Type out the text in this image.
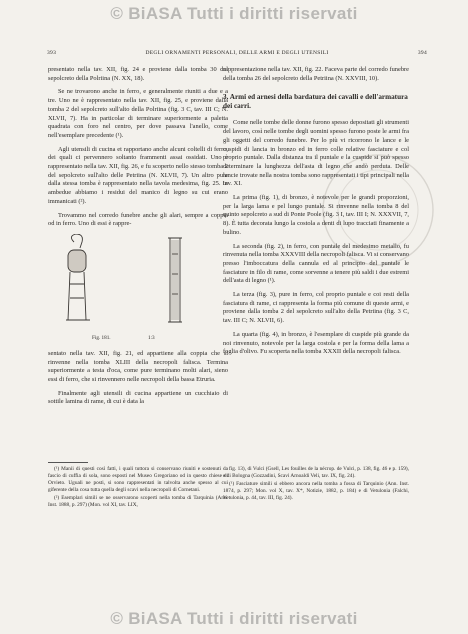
© BiASA Tutti i diritti riservati
393	DEGLI ORNAMENTI PERSONALI, DELLE ARMI E DEGLI UTENSILI	394

presentato nella tav. XII, fig. 24 e proviene dalla tomba 30 del sepolcreto della Polriina (N. XX, 18).

Se ne trovarono anche in ferro, e generalmente riuniti a due e a tre. Uno ne è rappresentato nella tav. XII, fig. 25, e proviene dalla tomba 2 del sepolcreto sull'alto della Polriina (fig. 3 C, tav. III C; N. XLVII, 7). Ha in particolar di terminare superiormente a paletta quadrata con foro nel centro, per dove passava l'anello, come nell'esemplare precedente (¹).

Agli utensili di cucina et rapportano anche alcuni coltelli di ferro, dei quali ci pervennero soltanto frammenti assai ossidati. Uno è rappresentato nella tav. XII, fig. 26, e fu scoperto nello stesso tomba 2 del sepolcreto sull'alto delle Petriina (N. XLVII, 7). Un altro pure dalla stessa tomba è rappresentato nella tavola medesima, fig. 25. In ambedue abbiamo i residui del manico di legno su cui erano immanicati (²).

Trovammo nel corredo funebre anche gli alari, sempre a coppia od in ferro. Uno di essi è rappre-

Fig. 181.	1:3

sentato nella tav. XII, fig. 21, ed appartiene alla coppia che si rinvenne nella tomba XLIII della necropoli falisca. Termina superiormente a testa d'oca, come pure terminano molti alari, sieno essi di ferro, che si rinvennero nelle necropoli della bassa Etruria.

Finalmente agli utensili di cucina appartiene un cucchiaio di sottile lamina di rame, di cui è data la

rappresentazione nella tav. XII, fig. 22. Faceva parte del corredo funebre della tomba 26 del sepolcreto della Petriina (N. XXVIII, 10).

3. Armi ed arnesi della bardatura dei cavalli e dell'armatura dei carri.

Come nelle tombe delle donne furono spesso depositati gli strumenti del lavoro, così nelle tombe degli uomini spesso furono poste le armi fra gli oggetti del corredo funebre. Per lo più vi ricorrono le lance e le cuspidi di lancia in bronzo ed in ferro colle relative fasciature e col proprio puntale. Dalla distanza tra il puntale e la cuspide si può spesso determinare la lunghezza dell'asta di legno che andò perduta. Delle lancie trovate nella nostra tomba sono rappresentati i tipi principali nella tav. XI.

La prima (fig. 1), di bronzo, è notevole per le grandi proporzioni, per la larga lama e pel lungo puntale. Si rinvenne nella tomba 8 del quinto sepolcreto a sud di Ponte Poole (fig. 3 I, tav. III I; N. XXXVII, 7, 8). È tutta decorata lungo la costola a denti di lupo tracciati finamente a bulino.

La seconda (fig. 2), in ferro, con puntale del medesimo metallo, fu rinvenuta nella tomba XXXVIII della necropoli falisca. Vi si conservano presso l'imboccatura della cannula ed al principio del puntale le fasciature in filo di rame, come sorvenne a tenere più saldi i due estremi dell'asta di legno (¹).

La terza (fig. 3), pure in ferro, col proprio puntale e coi resti della fasciatura di rame, ci rappresenta la forma più comune di queste armi, e proviene dalla tomba 2 del sepolcreto sull'alto della Petriina (fig. 3 C, tav. III C; N. XLVII, 6).

La quarta (fig. 4), in bronzo, è l'esemplare di cuspide più grande da noi rinvenuto, notevole per la larga costola e per la forma della lama a foglia d'olivo. Fu scoperta nella tomba XXXII della necropoli falisca.

(¹) Manii di questi così fatti, i quali tuttora si conservano riuniti e sostenuti da fascio di cuffia di sola, sono esposti nel Museo Gregoriano od in questo chiese di Orvieto. Uguali ne posti, si sono rappresentati in talvolta anche spesso al cui giferente della cosa tutta quella degli scavi nella necropoli di Cornetani.

(²) Esemplari simili se ne osservarono scoperti nella tomba di Tarquinia (Ann. Inst. 1888, p. 297) (Mon. vol XI, tav. LIX,

fig. 13), di Vulci (Gsell, Les fouilles de la nécrop. de Vulci, p. 138, fig. 46 e p. 159), e di Bologna (Gozzadini, Scavi Arnoaldi Veli, tav. IX, fig. 24).

(¹) Fasciature simili si ebbero ancora nella tomba a fossa di Tarquinio (Ann. Inst. 1874, p. 297; Mon. vol X, tav. X*, Notizie, 1882, p. 184) e di Vetulonia (Falchi, Vetulonia, p. 44, tav. III, fig. 24).

© BiASA Tutti i diritti riservati
